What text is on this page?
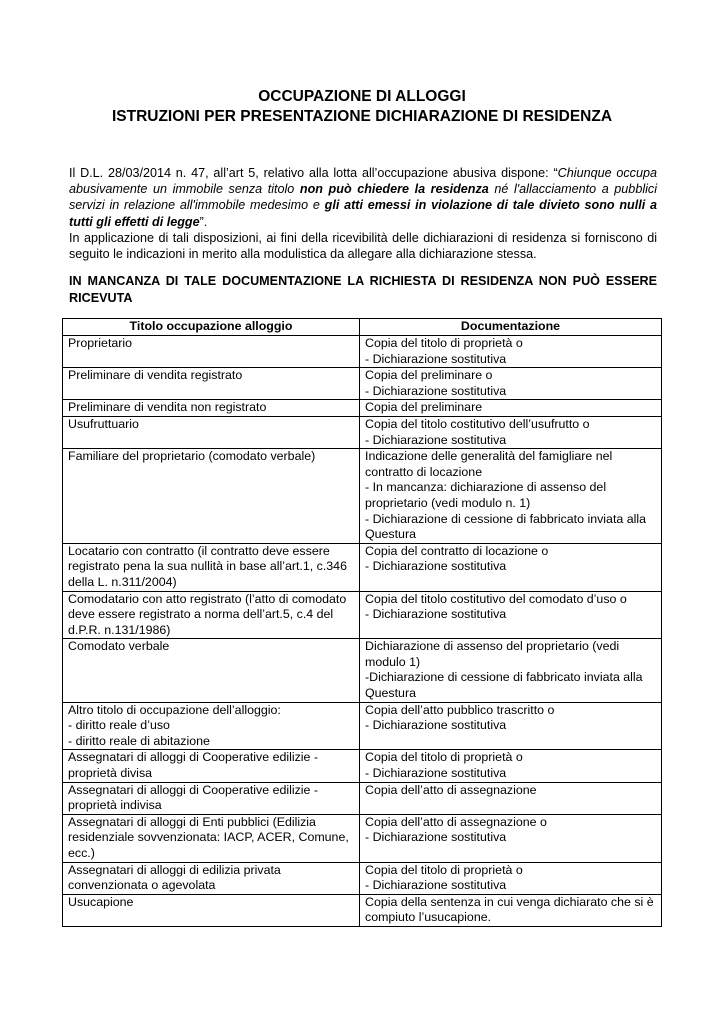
OCCUPAZIONE DI ALLOGGI
ISTRUZIONI PER PRESENTAZIONE DICHIARAZIONE DI RESIDENZA

Il D.L. 28/03/2014 n. 47, all’art 5, relativo alla lotta all’occupazione abusiva dispone: “Chiunque occupa abusivamente un immobile senza titolo non può chiedere la residenza né l'allacciamento a pubblici servizi in relazione all'immobile medesimo e gli atti emessi in violazione di tale divieto sono nulli a tutti gli effetti di legge”.

In applicazione di tali disposizioni, ai fini della ricevibilità delle dichiarazioni di residenza si forniscono di seguito le indicazioni in merito alla modulistica da allegare alla dichiarazione stessa.

IN MANCANZA DI TALE DOCUMENTAZIONE LA RICHIESTA DI RESIDENZA NON PUÒ ESSERE RICEVUTA
Titolo occupazione alloggio	Documentazione

Proprietario	Copia del titolo di proprietà o
- Dichiarazione sostitutiva

Preliminare di vendita registrato	Copia del preliminare o
- Dichiarazione sostitutiva

Preliminare di vendita non registrato	Copia del preliminare

Usufruttuario	Copia del titolo costitutivo dell’usufrutto o
- Dichiarazione sostitutiva

Familiare del proprietario (comodato verbale)	Indicazione delle generalità del famigliare nel contratto di locazione
- In mancanza: dichiarazione di assenso del proprietario (vedi modulo n. 1)
- Dichiarazione di cessione di fabbricato inviata alla Questura

Locatario con contratto (il contratto deve essere registrato pena la sua nullità in base all’art.1, c.346 della L. n.311/2004)	Copia del contratto di locazione o
- Dichiarazione sostitutiva

Comodatario con atto registrato (l’atto di comodato deve essere registrato a norma dell’art.5, c.4 del d.P.R. n.131/1986)	Copia del titolo costitutivo del comodato d’uso o
- Dichiarazione sostitutiva

Comodato verbale	Dichiarazione di assenso del proprietario (vedi modulo 1)
-Dichiarazione di cessione di fabbricato inviata alla Questura

Altro titolo di occupazione dell’alloggio:
- diritto reale d’uso
- diritto reale di abitazione	Copia dell’atto pubblico trascritto o
- Dichiarazione sostitutiva

Assegnatari di alloggi di Cooperative edilizie - proprietà divisa	Copia del titolo di proprietà o
- Dichiarazione sostitutiva

Assegnatari di alloggi di Cooperative edilizie - proprietà indivisa	Copia dell’atto di assegnazione

Assegnatari di alloggi di Enti pubblici (Edilizia residenziale sovvenzionata: IACP, ACER, Comune, ecc.)	Copia dell’atto di assegnazione o
- Dichiarazione sostitutiva

Assegnatari di alloggi di edilizia privata convenzionata o agevolata	Copia del titolo di proprietà o
- Dichiarazione sostitutiva

Usucapione	Copia della sentenza in cui venga dichiarato che si è compiuto l’usucapione.
